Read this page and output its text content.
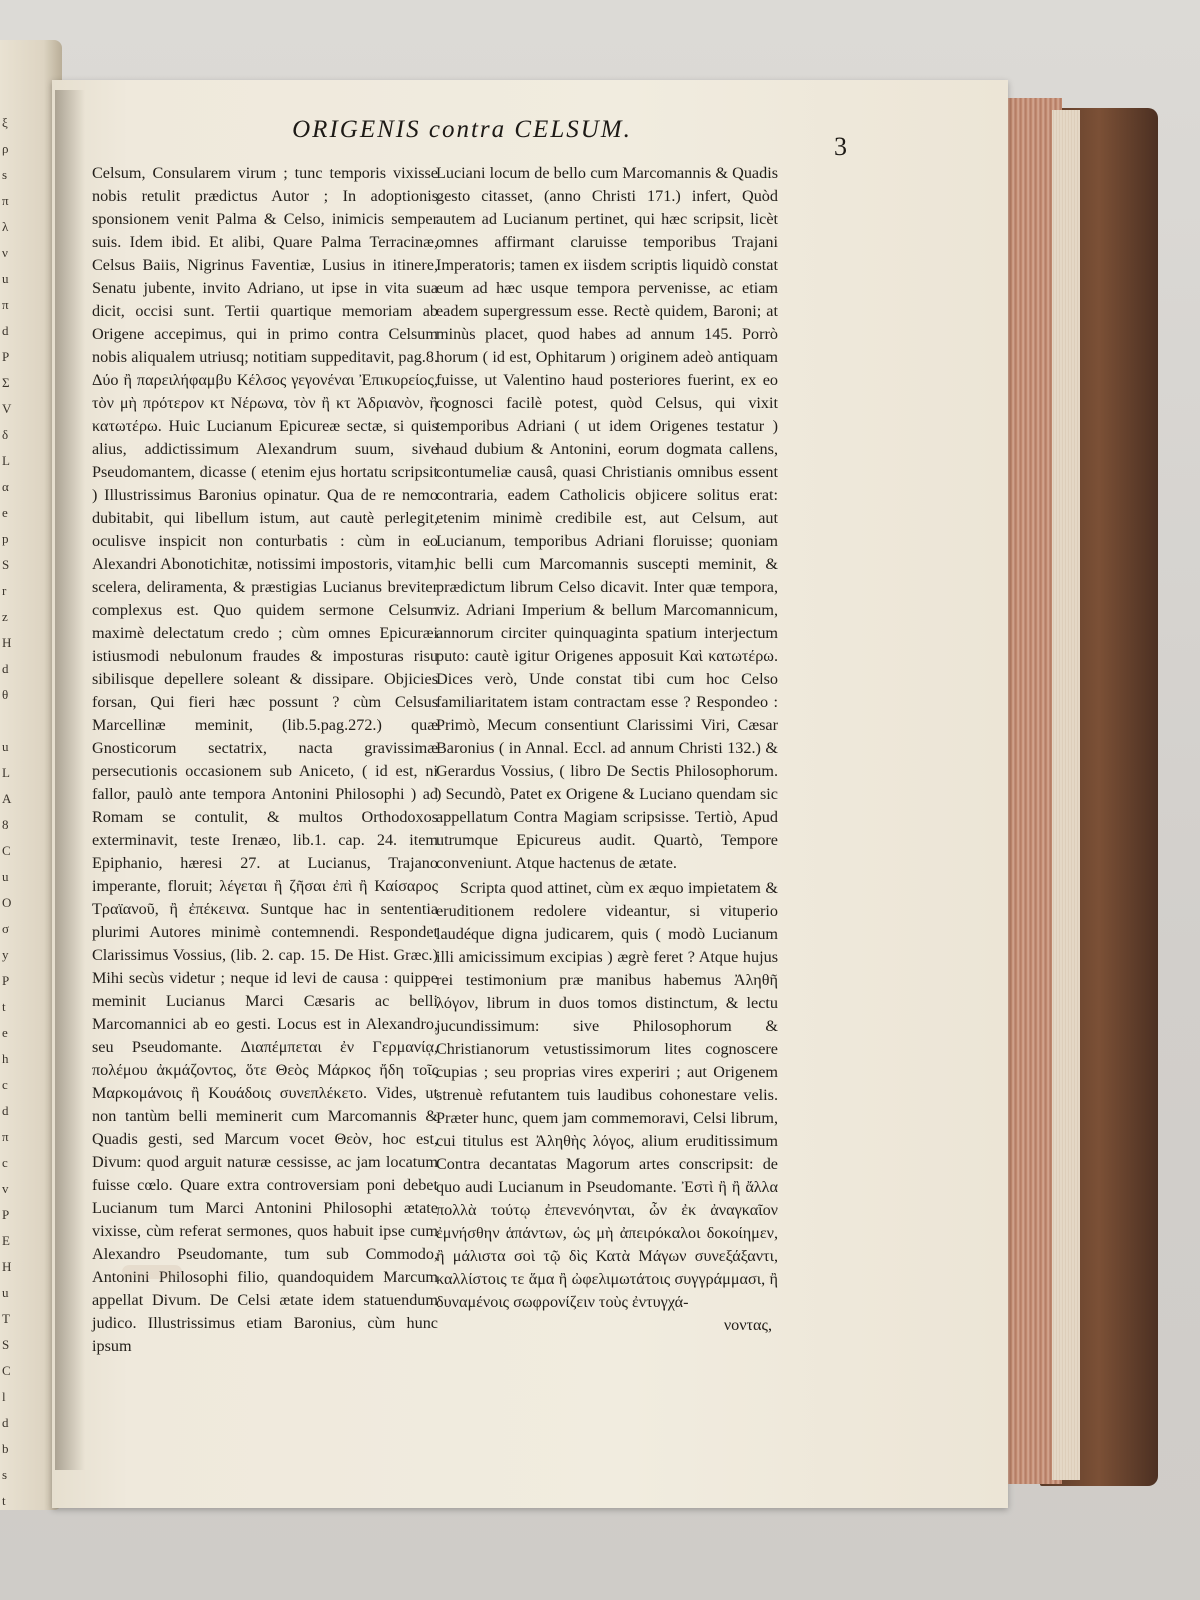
ξ
ρ
s
π
λ
ν
u
π
d
P
Σ
V
δ
L
α
e
p
S
r
z
H
d
θ

u
L
A
8
C
u
O
σ
y
P
t
e
h
c
d
π
c
v
P
E
H
u
T
S
C
l
d
b
s
t
ORIGENIS contra CELSUM.
3

Celsum, Consularem virum ; tunc temporis vixisse nobis retulit prædictus Autor ; In adoptionis sponsionem venit Palma & Celso, inimicis semper suis. Idem ibid. Et alibi, Quare Palma Terracinæ, Celsus Baiis, Nigrinus Faventiæ, Lusius in itinere, Senatu jubente, invito Adriano, ut ipse in vita sua dicit, occisi sunt. Tertii quartique memoriam ab Origene accepimus, qui in primo contra Celsum nobis aliqualem utriusq; notitiam suppeditavit, pag.8. Δύο ἢ παρειλήφαμβυ Κέλσος γεγονέναι Ἐπικυρείος, τὸν μὴ πρότερον κτ Νέρωνα, τὸν ἢ κτ Ἀδριανὸν, ἢ κατωτέρω. Huic Lucianum Epicureæ sectæ, si quis alius, addictissimum Alexandrum suum, sive Pseudomantem, dicasse ( etenim ejus hortatu scripsit ) Illustrissimus Baronius opinatur. Qua de re nemo dubitabit, qui libellum istum, aut cautè perlegit, oculisve inspicit non conturbatis : cùm in eo Alexandri Abonotichitæ, notissimi impostoris, vitam, scelera, deliramenta, & præstigias Lucianus breviter complexus est. Quo quidem sermone Celsum maximè delectatum credo ; cùm omnes Epicuræi istiusmodi nebulonum fraudes & imposturas risu sibilisque depellere soleant & dissipare. Objicies forsan, Qui fieri hæc possunt ? cùm Celsus Marcellinæ meminit, (lib.5.pag.272.) quæ Gnosticorum sectatrix, nacta gravissimæ persecutionis occasionem sub Aniceto, ( id est, ni fallor, paulò ante tempora Antonini Philosophi ) ad Romam se contulit, & multos Orthodoxos exterminavit, teste Irenæo, lib.1. cap. 24. item Epiphanio, hæresi 27. at Lucianus, Trajano imperante, floruit; λέγεται ἢ ζῆσαι ἐπὶ ἢ Καίσαρος Τραϊανοῦ, ἢ ἐπέκεινα. Suntque hac in sententia plurimi Autores minimè contemnendi. Respondet Clarissimus Vossius, (lib. 2. cap. 15. De Hist. Græc.) Mihi secùs videtur ; neque id levi de causa : quippe meminit Lucianus Marci Cæsaris ac belli Marcomannici ab eo gesti. Locus est in Alexandro, seu Pseudomante. Διαπέμπεται ἐν Γερμανίᾳ, πολέμου ἀκμάζοντος, ὅτε Θεὸς Μάρκος ἤδη τοῖς Μαρκομάνοις ἢ Κουάδοις συνεπλέκετο. Vides, ut non tantùm belli meminerit cum Marcomannis & Quadis gesti, sed Marcum vocet Θεὸν, hoc est, Divum: quod arguit naturæ cessisse, ac jam locatum fuisse cœlo. Quare extra controversiam poni debet Lucianum tum Marci Antonini Philosophi ætate vixisse, cùm referat sermones, quos habuit ipse cum Alexandro Pseudomante, tum sub Commodo, Antonini Philosophi filio, quandoquidem Marcum appellat Divum. De Celsi ætate idem statuendum judico. Illustrissimus etiam Baronius, cùm hunc ipsum

Luciani locum de bello cum Marcomannis & Quadis gesto citasset, (anno Christi 171.) infert, Quòd autem ad Lucianum pertinet, qui hæc scripsit, licèt omnes affirmant claruisse temporibus Trajani Imperatoris; tamen ex iisdem scriptis liquidò constat eum ad hæc usque tempora pervenisse, ac etiam eadem supergressum esse. Rectè quidem, Baroni; at minùs placet, quod habes ad annum 145. Porrò horum ( id est, Ophitarum ) originem adeò antiquam fuisse, ut Valentino haud posteriores fuerint, ex eo cognosci facilè potest, quòd Celsus, qui vixit temporibus Adriani ( ut idem Origenes testatur ) haud dubium & Antonini, eorum dogmata callens, contumeliæ causâ, quasi Christianis omnibus essent contraria, eadem Catholicis objicere solitus erat: etenim minimè credibile est, aut Celsum, aut Lucianum, temporibus Adriani floruisse; quoniam hic belli cum Marcomannis suscepti meminit, & prædictum librum Celso dicavit. Inter quæ tempora, viz. Adriani Imperium & bellum Marcomannicum, annorum circiter quinquaginta spatium interjectum puto: cautè igitur Origenes apposuit Καὶ κατωτέρω. Dices verò, Unde constat tibi cum hoc Celso familiaritatem istam contractam esse ? Respondeo : Primò, Mecum consentiunt Clarissimi Viri, Cæsar Baronius ( in Annal. Eccl. ad annum Christi 132.) & Gerardus Vossius, ( libro De Sectis Philosophorum. ) Secundò, Patet ex Origene & Luciano quendam sic appellatum Contra Magiam scripsisse. Tertiò, Apud utrumque Epicureus audit. Quartò, Tempore conveniunt. Atque hactenus de ætate.

Scripta quod attinet, cùm ex æquo impietatem & eruditionem redolere videantur, si vituperio laudéque digna judicarem, quis ( modò Lucianum illi amicissimum excipias ) ægrè feret ? Atque hujus rei testimonium præ manibus habemus Ἀληθῆ λόγον, librum in duos tomos distinctum, & lectu jucundissimum: sive Philosophorum & Christianorum vetustissimorum lites cognoscere cupias ; seu proprias vires experiri ; aut Origenem strenuè refutantem tuis laudibus cohonestare velis. Præter hunc, quem jam commemoravi, Celsi librum, cui titulus est Ἀληθὴς λόγος, alium eruditissimum Contra decantatas Magorum artes conscripsit: de quo audi Lucianum in Pseudomante. Ἐστὶ ἢ ἢ ἄλλα πολλὰ τούτῳ ἐπενενόηνται, ὧν ἐκ ἀναγκαῖον ἐμνήσθην ἁπάντων, ὡς μὴ ἀπειρόκαλοι δοκοίημεν, ἢ μάλιστα σοὶ τῷ δὶς Κατὰ Μάγων συνεξάξαντι, καλλίστοις τε ἅμα ἢ ὠφελιμωτάτοις συγγράμμασι, ἢ δυναμένοις σωφρονίζειν τοὺς ἐντυγχά-

νοντας,
